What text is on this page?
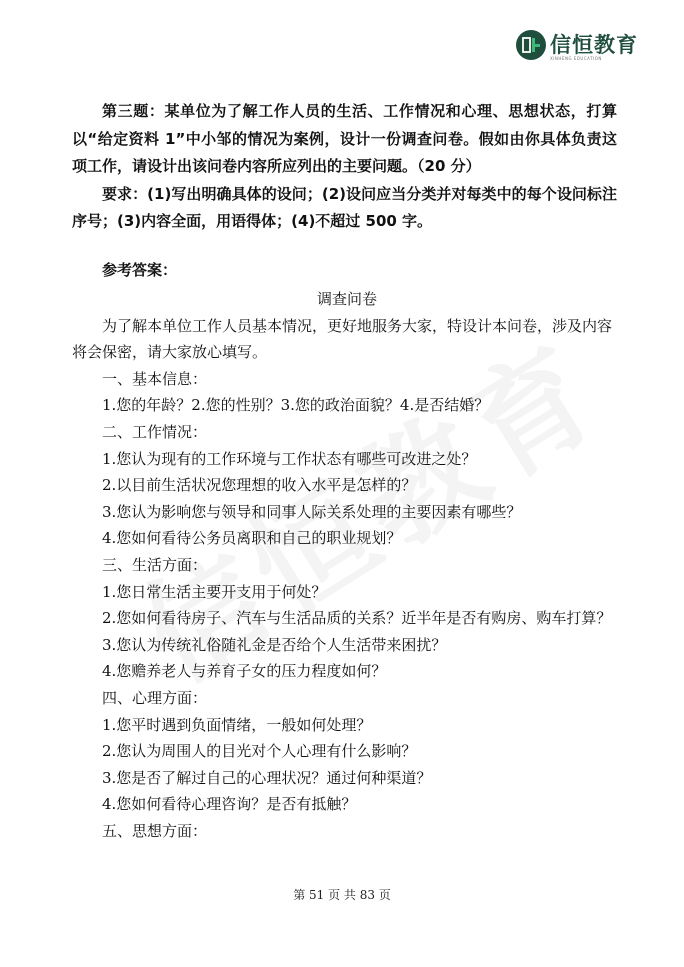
信恒教育
XINHENG EDUCATION

第三题：某单位为了解工作人员的生活、工作情况和心理、思想状态，打算以“给定资料 1”中小邹的情况为案例，设计一份调查问卷。假如由你具体负责这项工作，请设计出该问卷内容所应列出的主要问题。（20 分）

要求：(1)写出明确具体的设问；(2)设问应当分类并对每类中的每个设问标注序号；(3)内容全面，用语得体；(4)不超过 500 字。

参考答案：

调查问卷

为了解本单位工作人员基本情况，更好地服务大家，特设计本问卷，涉及内容将会保密，请大家放心填写。

一、基本信息：

1.您的年龄？2.您的性别？3.您的政治面貌？4.是否结婚？

二、工作情况：

1.您认为现有的工作环境与工作状态有哪些可改进之处？

2.以目前生活状况您理想的收入水平是怎样的？

3.您认为影响您与领导和同事人际关系处理的主要因素有哪些？

4.您如何看待公务员离职和自己的职业规划？

三、生活方面：

1.您日常生活主要开支用于何处？

2.您如何看待房子、汽车与生活品质的关系？近半年是否有购房、购车打算？

3.您认为传统礼俗随礼金是否给个人生活带来困扰？

4.您赡养老人与养育子女的压力程度如何？

四、心理方面：

1.您平时遇到负面情绪，一般如何处理？

2.您认为周围人的目光对个人心理有什么影响？

3.您是否了解过自己的心理状况？通过何种渠道？

4.您如何看待心理咨询？是否有抵触？

五、思想方面：

第 51 页 共 83 页
